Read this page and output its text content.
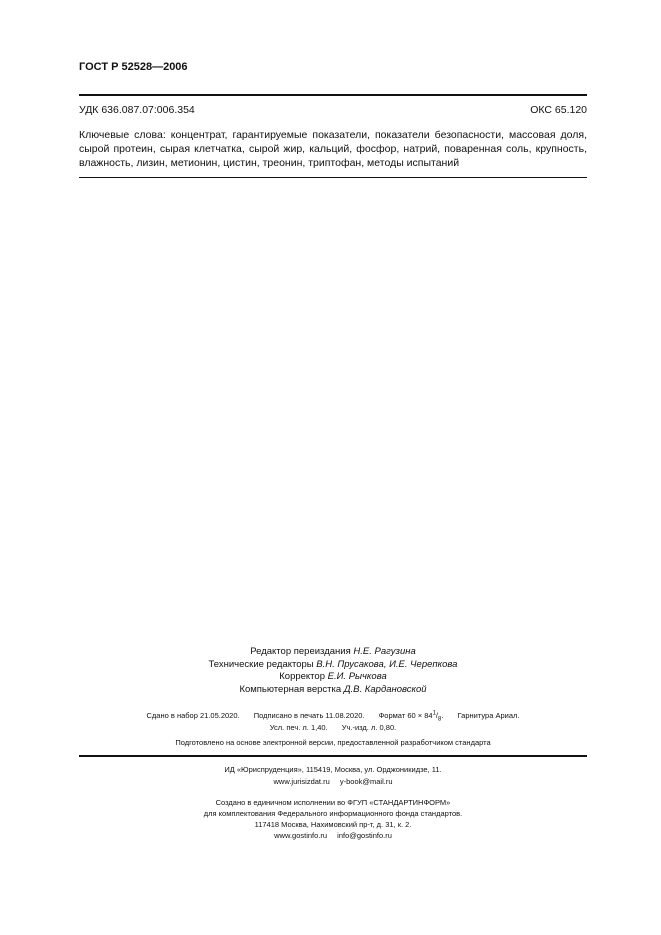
ГОСТ Р 52528—2006
УДК 636.087.07:006.354	ОКС 65.120
Ключевые слова: концентрат, гарантируемые показатели, показатели безопасности, массовая доля,
сырой протеин, сырая клетчатка, сырой жир, кальций, фосфор, натрий, поваренная соль, крупность,
влажность, лизин, метионин, цистин, треонин, триптофан, методы испытаний
Редактор переиздания Н.Е. Рагузина
Технические редакторы В.Н. Прусакова, И.Е. Черепкова
Корректор Е.И. Рычкова
Компьютерная верстка Д.В. Кардановской
Сдано в набор 21.05.2020. Подписано в печать 11.08.2020. Формат $60 \times 84^1/_8$. Гарнитура Ариал.
Усл. печ. л. 1,40. Уч.-изд. л. 0,80.
Подготовлено на основе электронной версии, предоставленной разработчиком стандарта
ИД «Юриспруденция», 115419, Москва, ул. Орджоникидзе, 11.
www.jurisizdat.ru y-book@mail.ru
Создано в единичном исполнении во ФГУП «СТАНДАРТИНФОРМ»
для комплектования Федерального информационного фонда стандартов.
117418 Москва, Нахимовский пр-т, д. 31, к. 2.
www.gostinfo.ru info@gostinfo.ru
